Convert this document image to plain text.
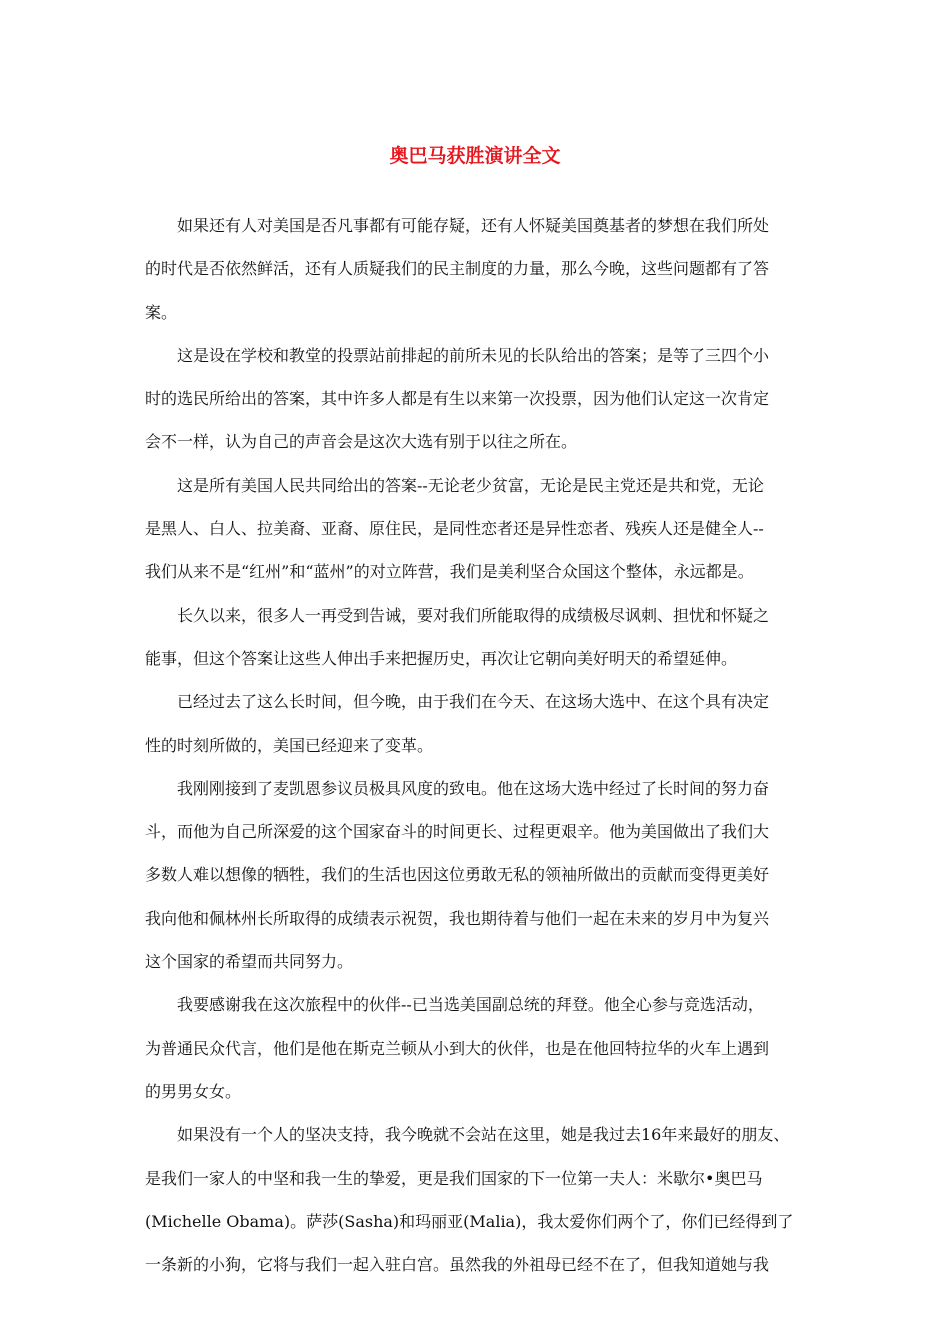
奥巴马获胜演讲全文
如果还有人对美国是否凡事都有可能存疑，还有人怀疑美国奠基者的梦想在我们所处
的时代是否依然鲜活，还有人质疑我们的民主制度的力量，那么今晚，这些问题都有了答
案。
这是设在学校和教堂的投票站前排起的前所未见的长队给出的答案；是等了三四个小
时的选民所给出的答案，其中许多人都是有生以来第一次投票，因为他们认定这一次肯定
会不一样，认为自己的声音会是这次大选有别于以往之所在。
这是所有美国人民共同给出的答案--无论老少贫富，无论是民主党还是共和党，无论
是黑人、白人、拉美裔、亚裔、原住民，是同性恋者还是异性恋者、残疾人还是健全人--
我们从来不是“红州”和“蓝州”的对立阵营，我们是美利坚合众国这个整体，永远都是。
长久以来，很多人一再受到告诫，要对我们所能取得的成绩极尽讽刺、担忧和怀疑之
能事，但这个答案让这些人伸出手来把握历史，再次让它朝向美好明天的希望延伸。
已经过去了这么长时间，但今晚，由于我们在今天、在这场大选中、在这个具有决定
性的时刻所做的，美国已经迎来了变革。
我刚刚接到了麦凯恩参议员极具风度的致电。他在这场大选中经过了长时间的努力奋
斗，而他为自己所深爱的这个国家奋斗的时间更长、过程更艰辛。他为美国做出了我们大
多数人难以想像的牺牲，我们的生活也因这位勇敢无私的领袖所做出的贡献而变得更美好
我向他和佩林州长所取得的成绩表示祝贺，我也期待着与他们一起在未来的岁月中为复兴
这个国家的希望而共同努力。
我要感谢我在这次旅程中的伙伴--已当选美国副总统的拜登。他全心参与竞选活动，
为普通民众代言，他们是他在斯克兰顿从小到大的伙伴，也是在他回特拉华的火车上遇到
的男男女女。
如果没有一个人的坚决支持，我今晚就不会站在这里，她是我过去16年来最好的朋友、
是我们一家人的中坚和我一生的挚爱，更是我们国家的下一位第一夫人：米歇尔•奥巴马
(Michelle Obama)。萨莎(Sasha)和玛丽亚(Malia)，我太爱你们两个了，你们已经得到了
一条新的小狗，它将与我们一起入驻白宫。虽然我的外祖母已经不在了，但我知道她与我
